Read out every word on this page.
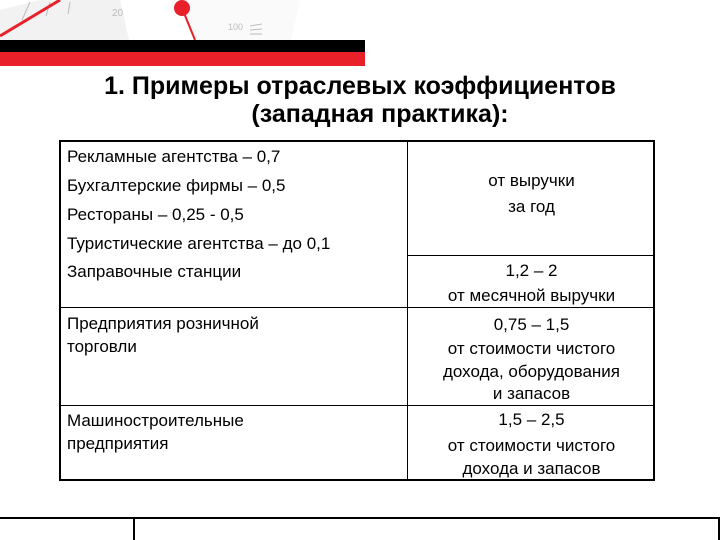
20
100
1. Примеры отраслевых коэффициентов
(западная практика):
Рекламные агентства – 0,7
Бухгалтерские фирмы – 0,5
Рестораны – 0,25 - 0,5
Туристические агентства – до 0,1
от выручки
за год
Заправочные станции	1,2 – 2
от месячной выручки
Предприятия розничной
торговли
0,75 – 1,5
от стоимости чистого
дохода, оборудования
и запасов
Машиностроительные
предприятия
1,5 – 2,5
от стоимости чистого
дохода и запасов
